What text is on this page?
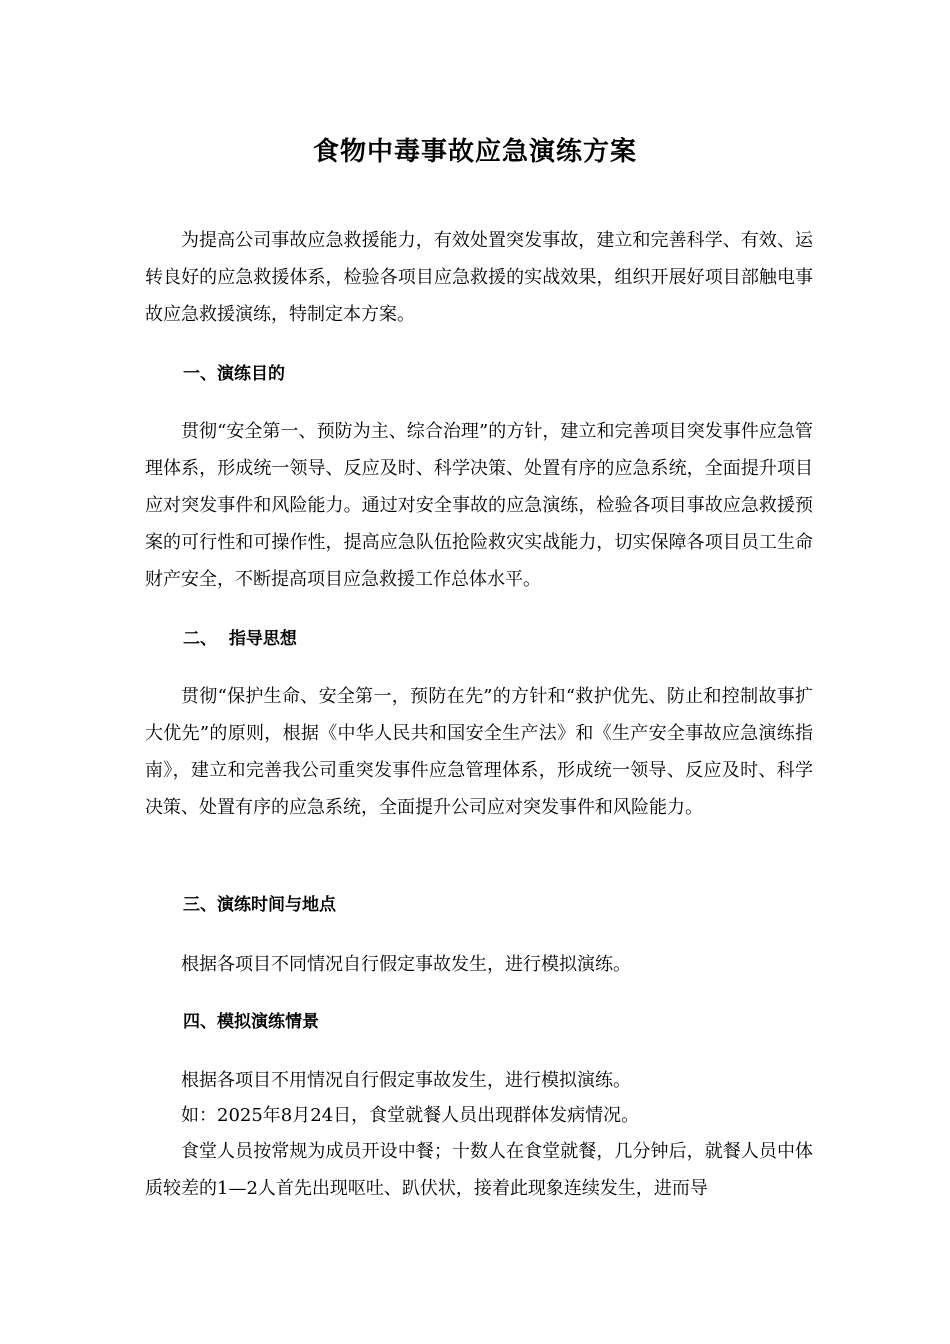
食物中毒事故应急演练方案

为提高公司事故应急救援能力，有效处置突发事故，建立和完善科学、有效、运转良好的应急救援体系，检验各项目应急救援的实战效果，组织开展好项目部触电事故应急救援演练，特制定本方案。

一、演练目的

贯彻“安全第一、预防为主、综合治理”的方针，建立和完善项目突发事件应急管理体系，形成统一领导、反应及时、科学决策、处置有序的应急系统，全面提升项目应对突发事件和风险能力。通过对安全事故的应急演练，检验各项目事故应急救援预案的可行性和可操作性，提高应急队伍抢险救灾实战能力，切实保障各项目员工生命财产安全，不断提高项目应急救援工作总体水平。

二、  指导思想

贯彻“保护生命、安全第一，预防在先”的方针和“救护优先、防止和控制故事扩大优先”的原则，根据《中华人民共和国安全生产法》和《生产安全事故应急演练指南》，建立和完善我公司重突发事件应急管理体系，形成统一领导、反应及时、科学决策、处置有序的应急系统，全面提升公司应对突发事件和风险能力。

三、演练时间与地点

根据各项目不同情况自行假定事故发生，进行模拟演练。

四、模拟演练情景

根据各项目不用情况自行假定事故发生，进行模拟演练。

如：2025年8月24日，食堂就餐人员出现群体发病情况。

食堂人员按常规为成员开设中餐；十数人在食堂就餐，几分钟后，就餐人员中体质较差的1—2人首先出现呕吐、趴伏状，接着此现象连续发生，进而导
